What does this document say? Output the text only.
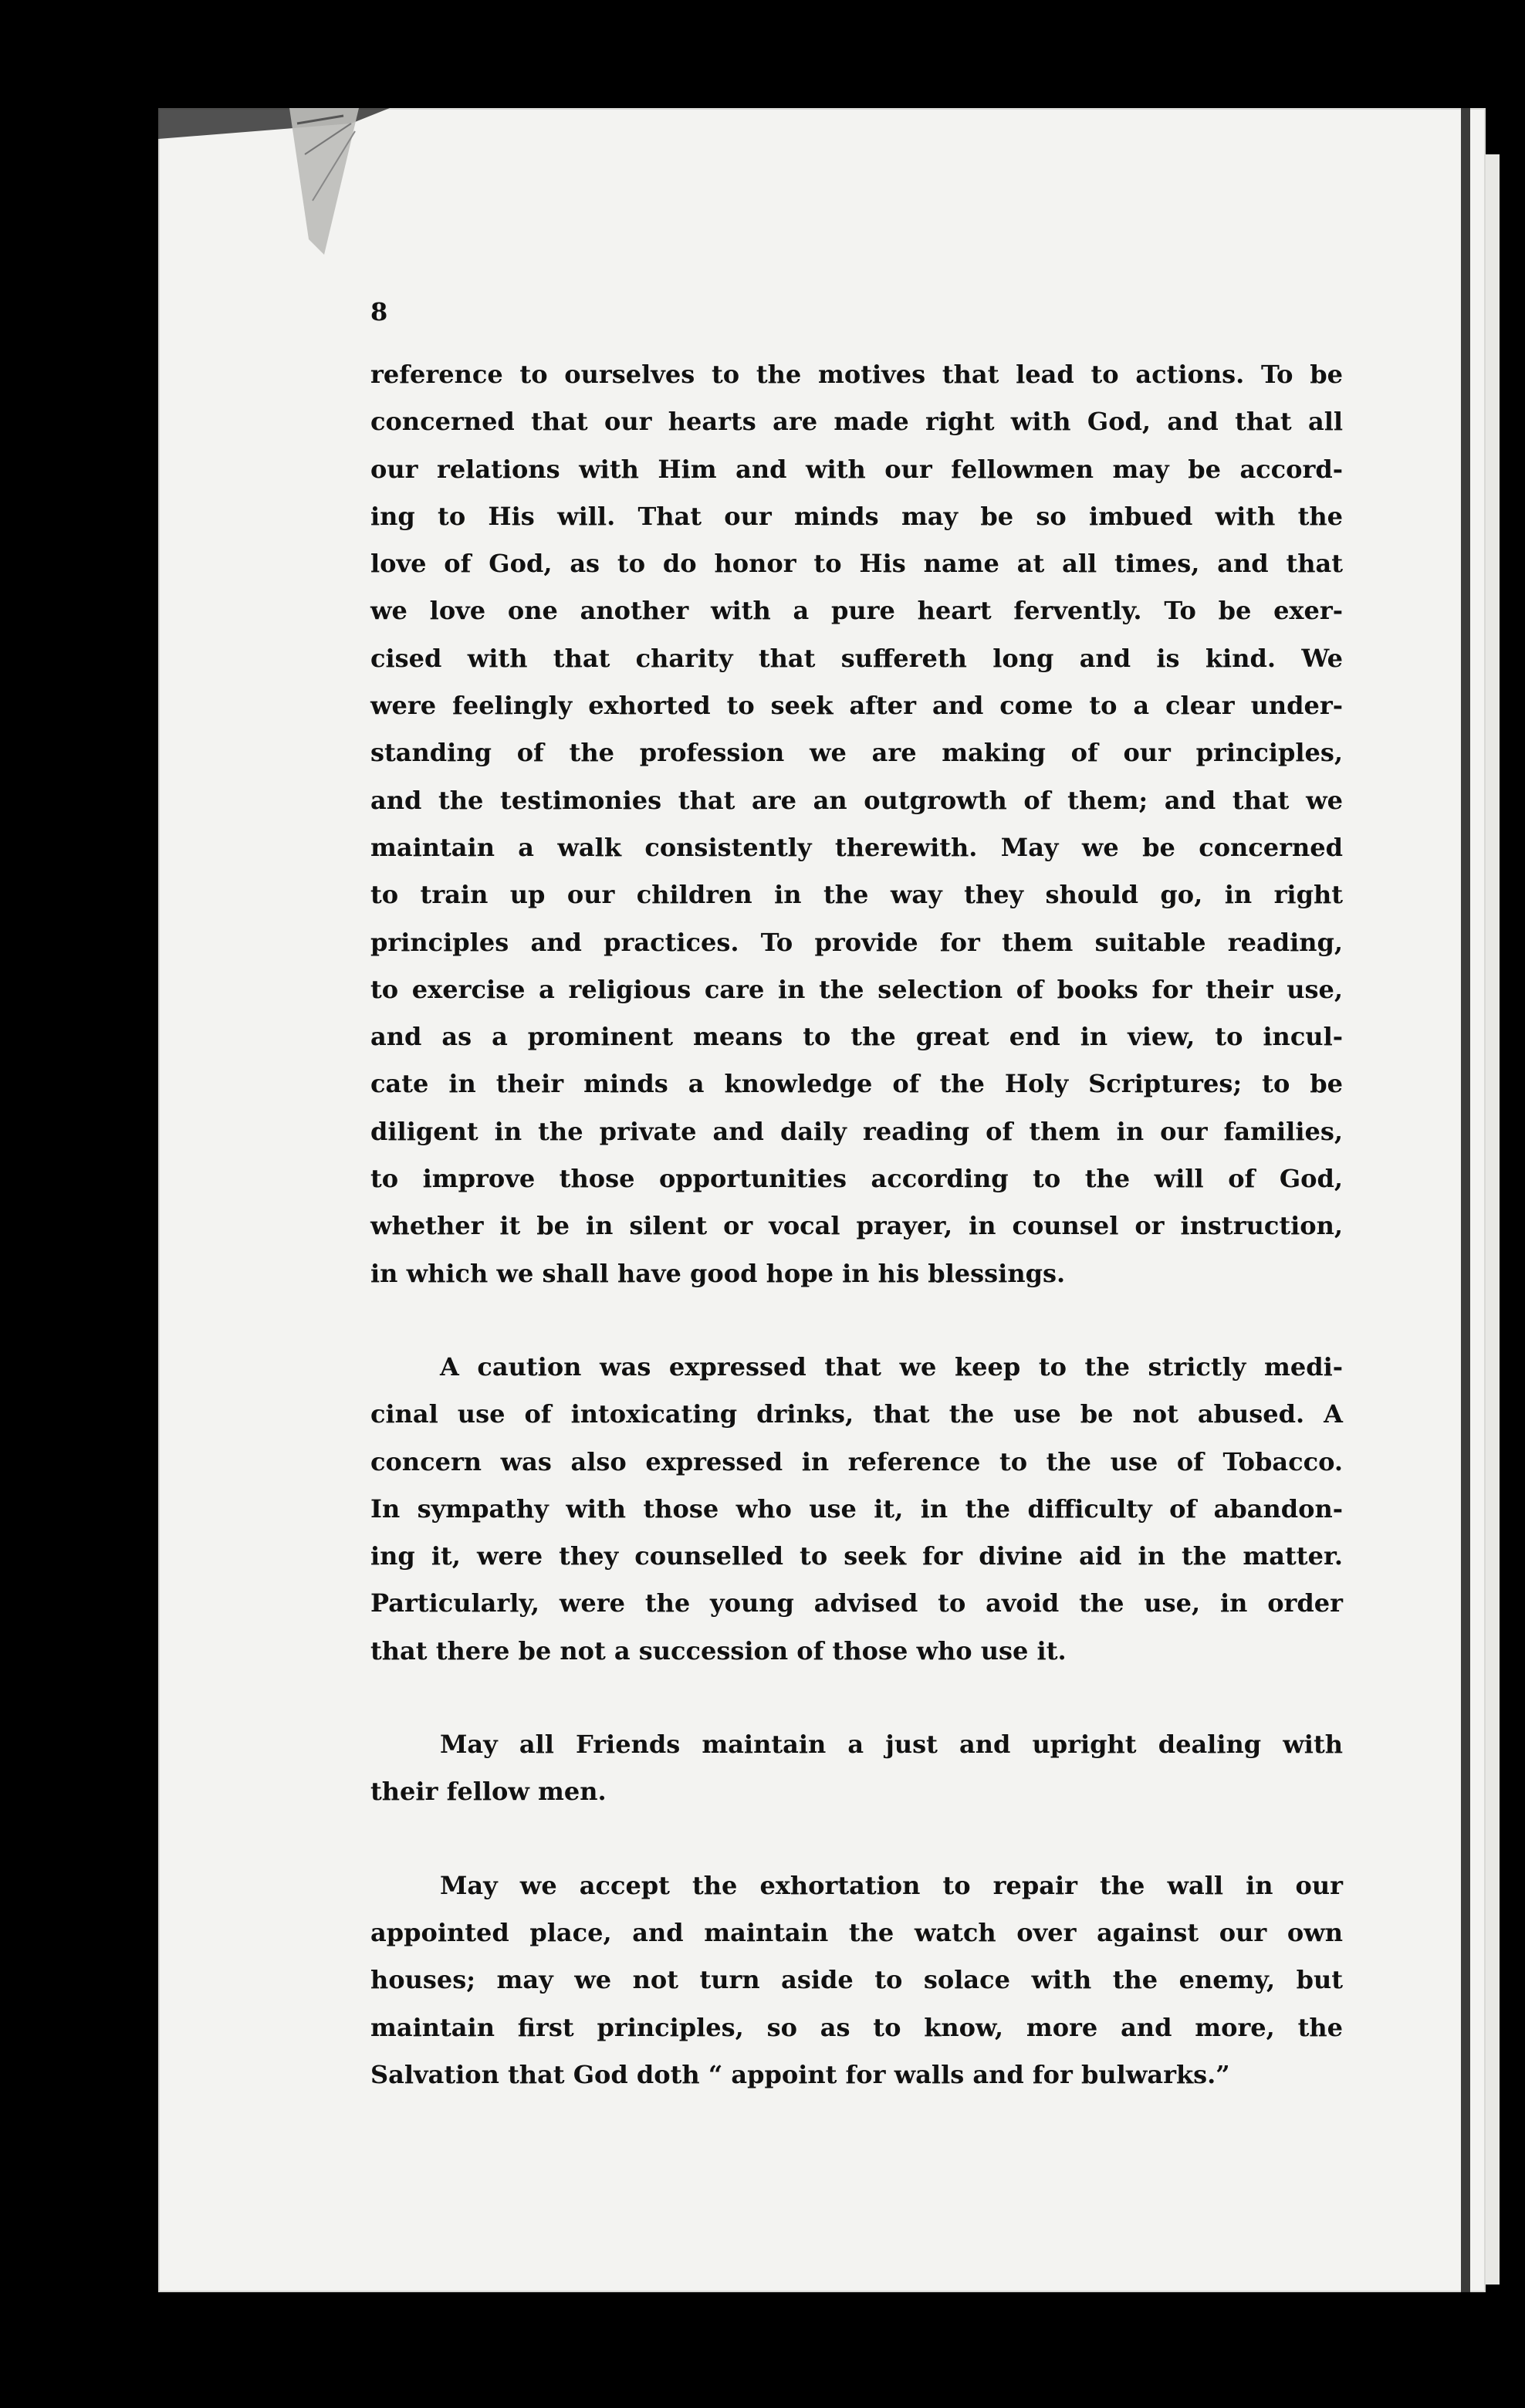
8

reference to ourselves to the motives that lead to actions. To be
concerned that our hearts are made right with God, and that all
our relations with Him and with our fellowmen may be accord-
ing to His will. That our minds may be so imbued with the
love of God, as to do honor to His name at all times, and that
we love one another with a pure heart fervently. To be exer-
cised with that charity that suffereth long and is kind. We
were feelingly exhorted to seek after and come to a clear under-
standing of the profession we are making of our principles,
and the testimonies that are an outgrowth of them; and that we
maintain a walk consistently therewith. May we be concerned
to train up our children in the way they should go, in right
principles and practices. To provide for them suitable reading,
to exercise a religious care in the selection of books for their use,
and as a prominent means to the great end in view, to incul-
cate in their minds a knowledge of the Holy Scriptures; to be
diligent in the private and daily reading of them in our families,
to improve those opportunities according to the will of God,
whether it be in silent or vocal prayer, in counsel or instruction,
in which we shall have good hope in his blessings.

A caution was expressed that we keep to the strictly medi-
cinal use of intoxicating drinks, that the use be not abused. A
concern was also expressed in reference to the use of Tobacco.
In sympathy with those who use it, in the difficulty of abandon-
ing it, were they counselled to seek for divine aid in the matter.
Particularly, were the young advised to avoid the use, in order
that there be not a succession of those who use it.

May all Friends maintain a just and upright dealing with
their fellow men.

May we accept the exhortation to repair the wall in our
appointed place, and maintain the watch over against our own
houses; may we not turn aside to solace with the enemy, but
maintain first principles, so as to know, more and more, the
Salvation that God doth “ appoint for walls and for bulwarks.”
